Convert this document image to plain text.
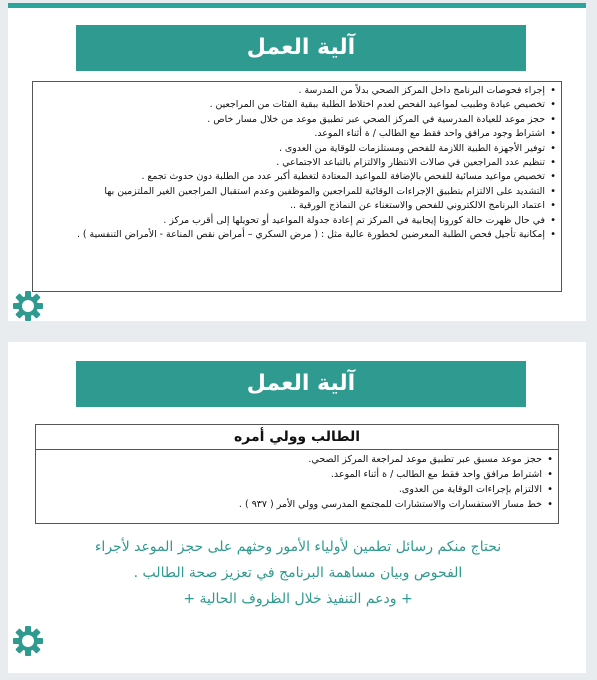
آلية العمل
• إجراء فحوصات البرنامج داخل المركز الصحي بدلاً من المدرسة .
• تخصيص عيادة وطبيب لمواعيد الفحص لعدم اختلاط الطلبة ببقية الفئات من المراجعين .
• حجز موعد للعيادة المدرسية في المركز الصحي عبر تطبيق موعد من خلال مسار خاص .
• اشتراط وجود مرافق واحد فقط مع الطالب / ة أثناء الموعد.
• توفير الأجهزة الطبية اللازمة للفحص ومستلزمات للوقاية من العدوى .
• تنظيم عدد المراجعين في صالات الانتظار والالتزام بالتباعد الاجتماعي .
• تخصيص مواعيد مسائية للفحص بالإضافة للمواعيد المعتادة لتغطية أكبر عدد من الطلبة دون حدوث تجمع .
• التشديد على الالتزام بتطبيق الإجراءات الوقائية للمراجعين والموظفين وعدم استقبال المراجعين الغير الملتزمين بها
• اعتماد البرنامج الالكتروني للفحص والاستغناء عن النماذج الورقية ..
• في حال ظهرت حالة كورونا إيجابية في المركز تم إعادة جدولة المواعيد أو تحويلها إلى أقرب مركز .
• إمكانية تأجيل فحص الطلبة المعرضين لخطورة عالية مثل : ( مرض السكري – أمراض نقص المناعة - الأمراض التنفسية ) .
آلية العمل
الطالب وولي أمره
• حجز موعد مسبق عبر تطبيق موعد لمراجعة المركز الصحي.
• اشتراط مرافق واحد فقط مع الطالب / ة أثناء الموعد.
• الالتزام بإجراءات الوقاية من العدوى.
• خط مسار الاستفسارات والاستشارات للمجتمع المدرسي وولي الأمر ( ٩٣٧ ) .
نحتاج منكم رسائل تطمين لأولياء الأمور وحثهم على حجز الموعد لأجراء
الفحوص وبيان مساهمة البرنامج في تعزيز صحة الطالب .
+ ودعم التنفيذ خلال الظروف الحالية +
